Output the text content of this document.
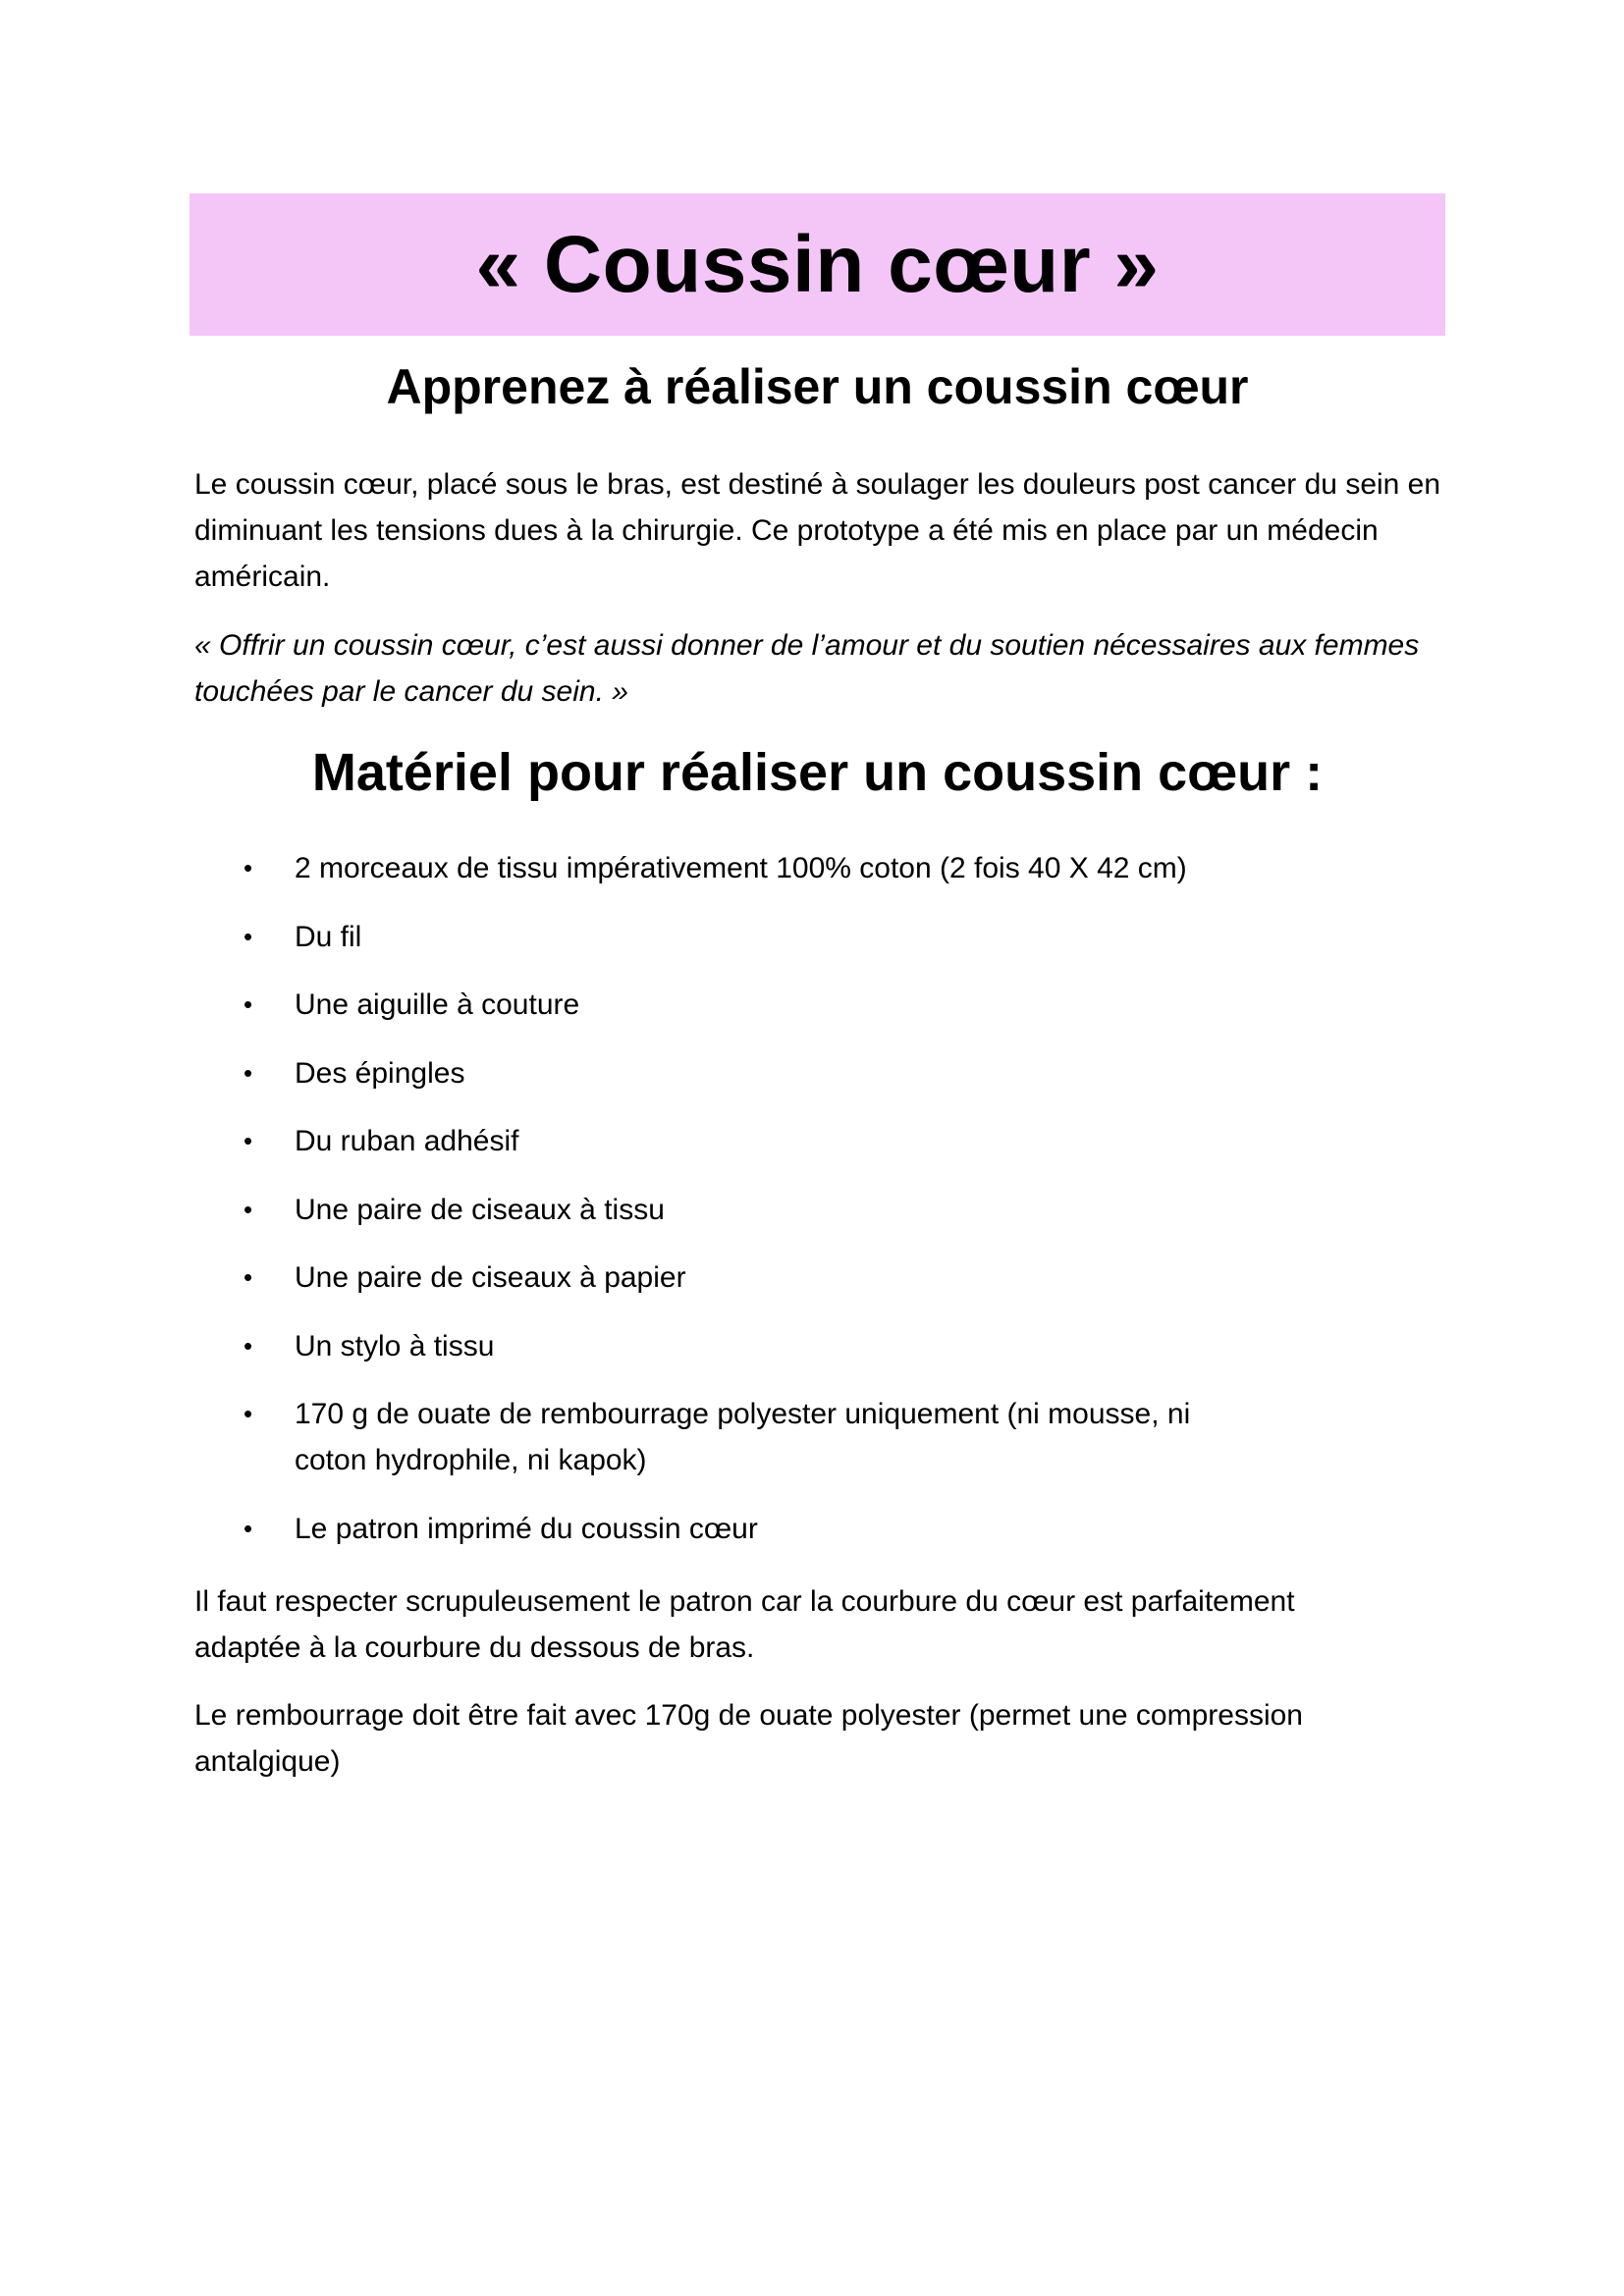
« Coussin cœur »
Apprenez à réaliser un coussin cœur

Le coussin cœur, placé sous le bras, est destiné à soulager les douleurs post cancer du sein en diminuant les tensions dues à la chirurgie. Ce prototype a été mis en place par un médecin américain.

« Offrir un coussin cœur, c’est aussi donner de l’amour et du soutien nécessaires aux femmes touchées par le cancer du sein. »

Matériel pour réaliser un coussin cœur :
• 2 morceaux de tissu impérativement 100% coton (2 fois 40 X 42 cm)
• Du fil
• Une aiguille à couture
• Des épingles
• Du ruban adhésif
• Une paire de ciseaux à tissu
• Une paire de ciseaux à papier
• Un stylo à tissu
• 170 g de ouate de rembourrage polyester uniquement (ni mousse, ni coton hydrophile, ni kapok)
• Le patron imprimé du coussin cœur

Il faut respecter scrupuleusement le patron car la courbure du cœur est parfaitement adaptée à la courbure du dessous de bras.

Le rembourrage doit être fait avec 170g de ouate polyester (permet une compression antalgique)
